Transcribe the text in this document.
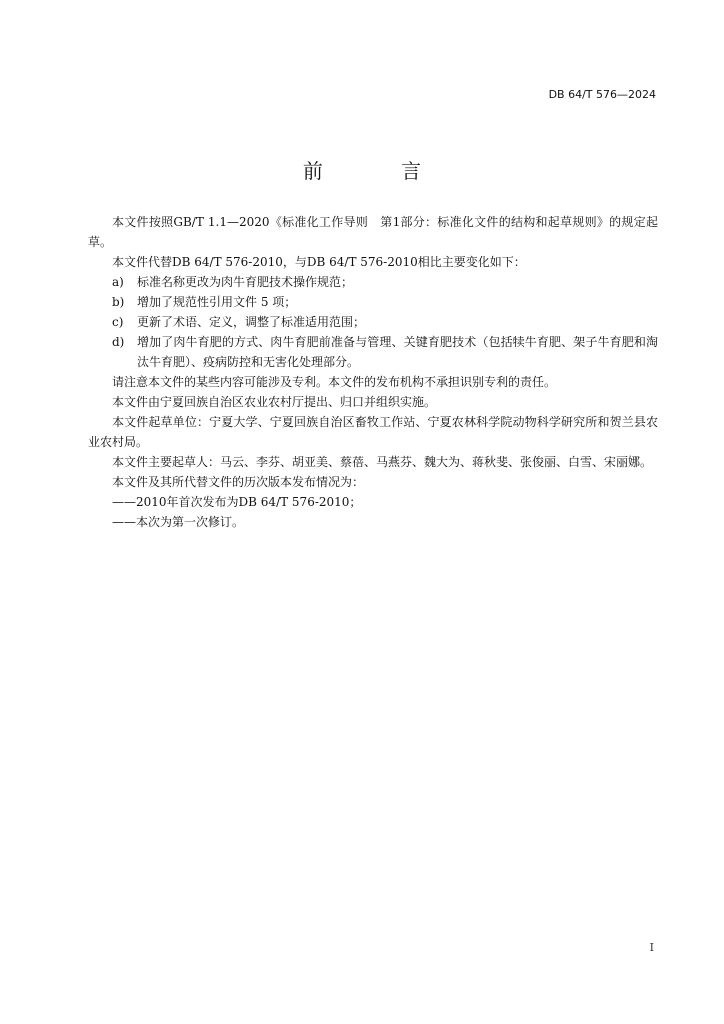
DB 64/T 576—2024
前 言

本文件按照GB/T 1.1—2020《标准化工作导则　第1部分：标准化文件的结构和起草规则》的规定起草。

本文件代替DB 64/T 576-2010，与DB 64/T 576-2010相比主要变化如下：

a) 标准名称更改为肉牛育肥技术操作规范；
b) 增加了规范性引用文件 5 项；
c) 更新了术语、定义，调整了标准适用范围；
d) 增加了肉牛育肥的方式、肉牛育肥前准备与管理、关键育肥技术（包括犊牛育肥、架子牛育肥和淘汰牛育肥）、疫病防控和无害化处理部分。

请注意本文件的某些内容可能涉及专利。本文件的发布机构不承担识别专利的责任。

本文件由宁夏回族自治区农业农村厅提出、归口并组织实施。

本文件起草单位：宁夏大学、宁夏回族自治区畜牧工作站、宁夏农林科学院动物科学研究所和贺兰县农业农村局。

本文件主要起草人：马云、李芬、胡亚美、蔡蓓、马燕芬、魏大为、蒋秋斐、张俊丽、白雪、宋丽娜。

本文件及其所代替文件的历次版本发布情况为：

——2010年首次发布为DB 64/T 576-2010；

——本次为第一次修订。

I
